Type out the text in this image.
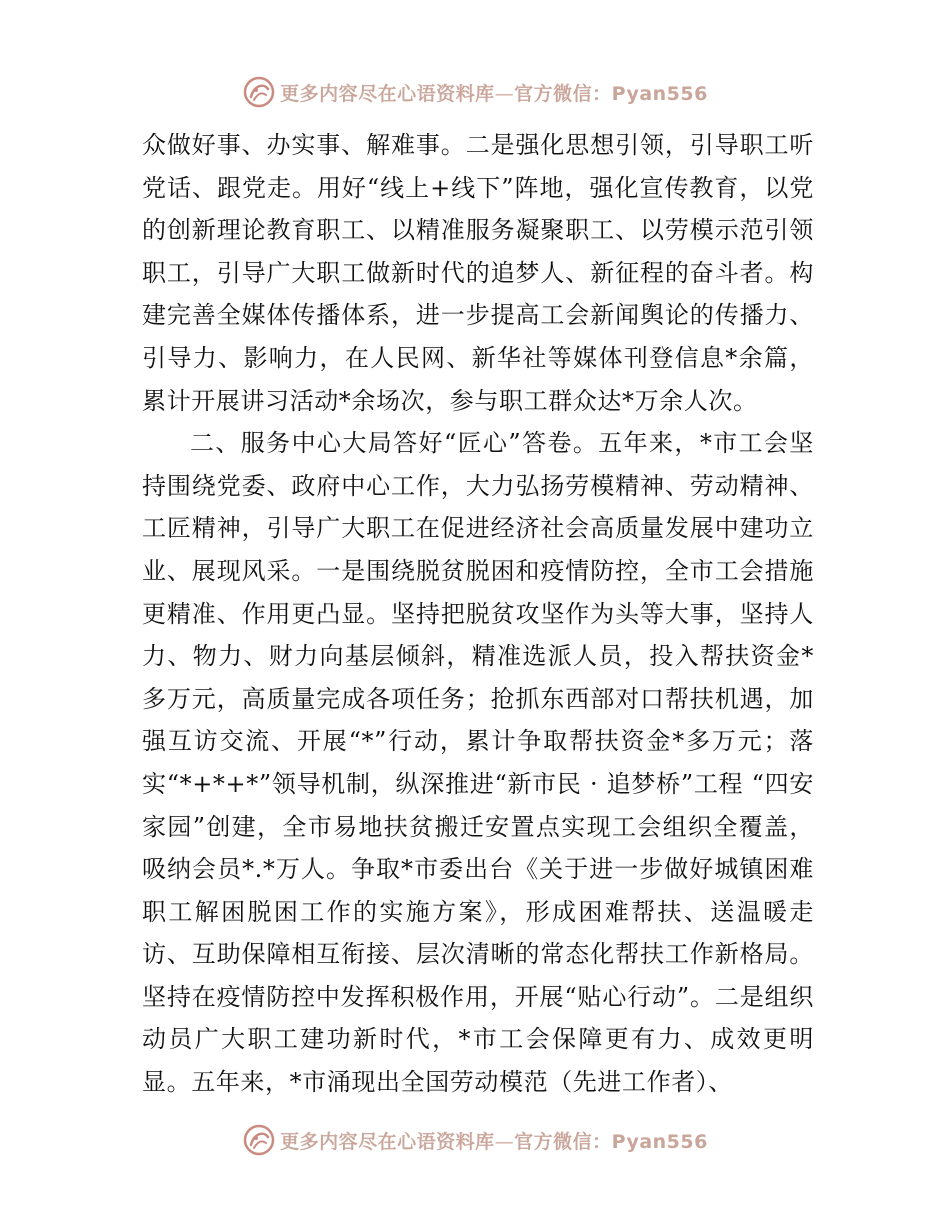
更多内容尽在心语资料库—官方微信：Pyan556

众做好事、办实事、解难事。二是强化思想引领，引导职工听党话、跟党走。用好“线上+线下”阵地，强化宣传教育，以党的创新理论教育职工、以精准服务凝聚职工、以劳模示范引领职工，引导广大职工做新时代的追梦人、新征程的奋斗者。构建完善全媒体传播体系，进一步提高工会新闻舆论的传播力、引导力、影响力，在人民网、新华社等媒体刊登信息*余篇，累计开展讲习活动*余场次，参与职工群众达*万余人次。

二、服务中心大局答好“匠心”答卷。五年来，*市工会坚持围绕党委、政府中心工作，大力弘扬劳模精神、劳动精神、工匠精神，引导广大职工在促进经济社会高质量发展中建功立业、展现风采。一是围绕脱贫脱困和疫情防控，全市工会措施更精准、作用更凸显。坚持把脱贫攻坚作为头等大事，坚持人力、物力、财力向基层倾斜，精准选派人员，投入帮扶资金*多万元，高质量完成各项任务；抢抓东西部对口帮扶机遇，加强互访交流、开展“*”行动，累计争取帮扶资金*多万元；落实“*+*+*”领导机制，纵深推进“新市民 · 追梦桥”工程 “四安家园”创建，全市易地扶贫搬迁安置点实现工会组织全覆盖，吸纳会员*.*万人。争取*市委出台《关于进一步做好城镇困难职工解困脱困工作的实施方案》，形成困难帮扶、送温暖走访、互助保障相互衔接、层次清晰的常态化帮扶工作新格局。坚持在疫情防控中发挥积极作用，开展“贴心行动”。二是组织动员广大职工建功新时代，*市工会保障更有力、成效更明显。五年来，*市涌现出全国劳动模范（先进工作者）、

更多内容尽在心语资料库—官方微信：Pyan556
